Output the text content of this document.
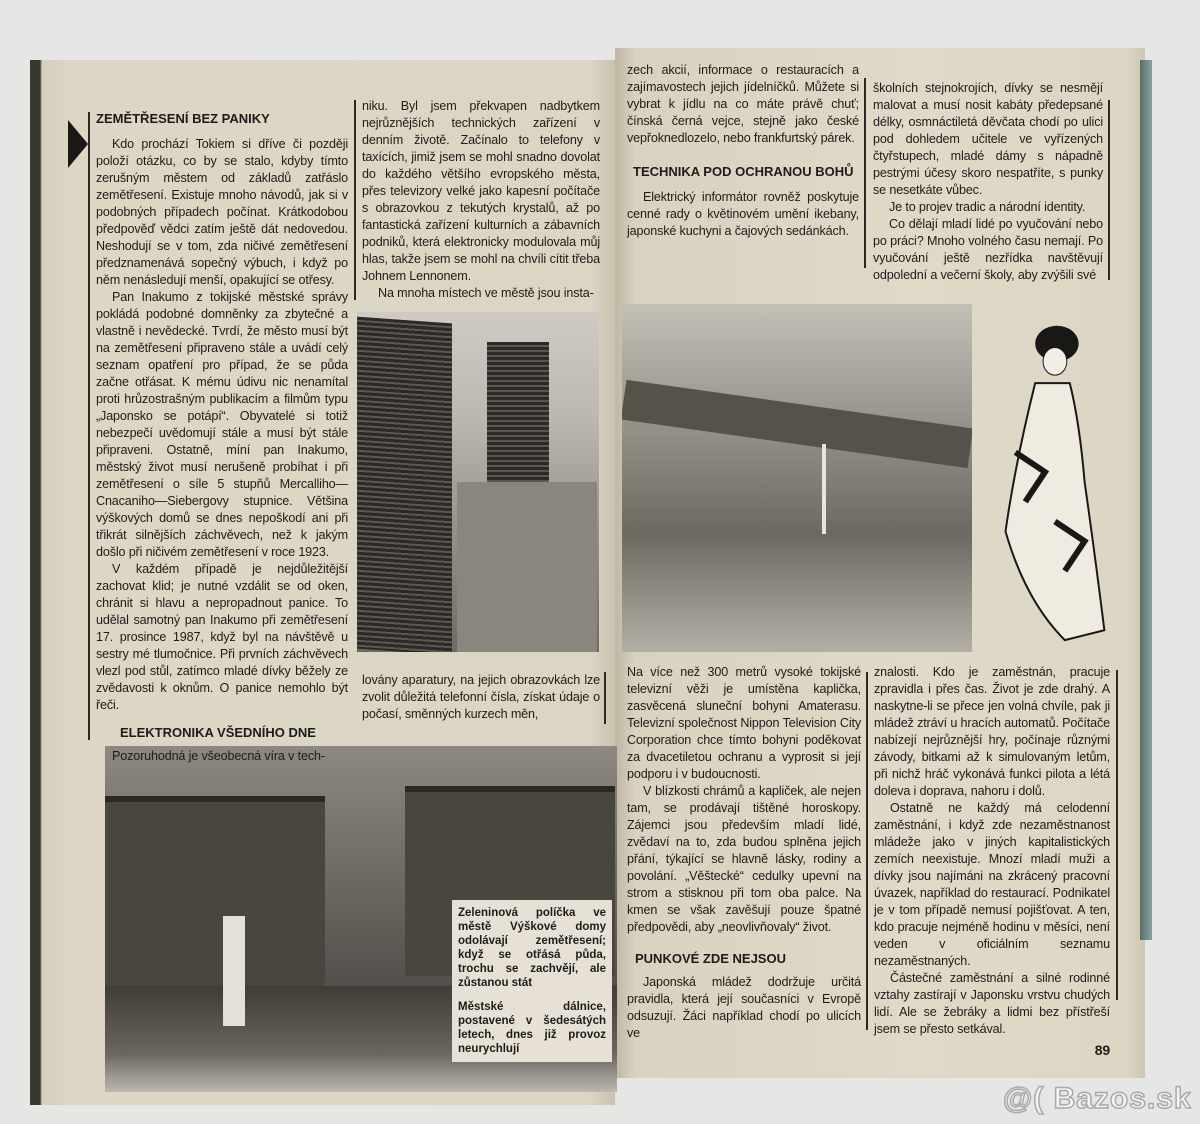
ZEMĚTŘESENÍ BEZ PANIKY

Kdo prochází Tokiem si dříve či později položí otázku, co by se stalo, kdyby tímto zerušným městem od základů zatřáslo zemětřesení. Existuje mnoho návodů, jak si v podobných případech počínat. Krátkodobou předpověď vědci zatím ještě dát nedovedou. Neshodují se v tom, zda ničivé zemětřesení předznamenává sopečný výbuch, i když po něm nenásledují menší, opakující se otřesy.

Pan Inakumo z tokijské městské správy pokládá podobné domněnky za zbytečné a vlastně i nevědecké. Tvrdí, že město musí být na zemětřesení připraveno stále a uvádí celý seznam opatření pro případ, že se půda začne otřásat. K mému údivu nic nenamítal proti hrůzostrašným publikacím a filmům typu „Japonsko se potápí“. Obyvatelé si totiž nebezpečí uvědomují stále a musí být stále připraveni. Ostatně, míní pan Inakumo, městský život musí nerušeně probíhat i při zemětřesení o síle 5 stupňů Mercalliho—Cnacaniho—Siebergovy stupnice. Většina výškových domů se dnes nepoškodí ani při třikrát silnějších záchvěvech, než k jakým došlo při ničivém zemětřesení v roce 1923.

V každém případě je nejdůležitější zachovat klid; je nutné vzdálit se od oken, chránit si hlavu a nepropadnout panice. To udělal samotný pan Inakumo při zemětřesení 17. prosince 1987, když byl na návštěvě u sestry mé tlumočnice. Při prvních záchvěvech vlezl pod stůl, zatímco mladé dívky běžely ze zvědavosti k oknům. O panice nemohlo být řeči.

ELEKTRONIKA VŠEDNÍHO DNE

Pozoruhodná je všeobecná víra v tech-

niku. Byl jsem překvapen nadbytkem nejrůznějších technických zařízení v denním životě. Začínalo to telefony v taxících, jimiž jsem se mohl snadno dovolat do každého většího evropského města, přes televizory velké jako kapesní počítače s obrazovkou z tekutých krystalů, až po fantastická zařízení kulturních a zábavních podniků, která elektronicky modulovala můj hlas, takže jsem se mohl na chvíli cítit třeba Johnem Lennonem.

Na mnoha místech ve městě jsou insta-

lovány aparatury, na jejich obrazovkách lze zvolit důležitá telefonní čísla, získat údaje o počasí, směnných kurzech měn,

Zeleninová políčka ve městě Výškové domy odolávají zemětřesení; když se otřásá půda, trochu se zachvějí, ale zůstanou stát

Městské dálnice, postavené v šedesátých letech, dnes již provoz neurychlují

zech akcií, informace o restauracích a zajímavostech jejich jídelníčků. Můžete si vybrat k jídlu na co máte právě chuť; čínská černá vejce, stejně jako české vepřoknedlozelo, nebo frankfurtský párek.

TECHNIKA POD OCHRANOU BOHŮ

Elektrický informátor rovněž poskytuje cenné rady o květinovém umění ikebany, japonské kuchyni a čajových sedánkách.

školních stejnokrojích, dívky se nesmějí malovat a musí nosit kabáty předepsané délky, osmnáctiletá děvčata chodí po ulici pod dohledem učitele ve vyřízených čtyřstupech, mladé dámy s nápadně pestrými účesy skoro nespatříte, s punky se nesetkáte vůbec.

Je to projev tradic a národní identity.

Co dělají mladí lidé po vyučování nebo po práci? Mnoho volného času nemají. Po vyučování ještě nezřídka navštěvují odpolední a večerní školy, aby zvýšili své

Na více než 300 metrů vysoké tokijské televizní věži je umístěna kaplička, zasvěcená sluneční bohyni Amaterasu. Televizní společnost Nippon Television City Corporation chce tímto bohyni poděkovat za dvacetiletou ochranu a vyprosit si její podporu i v budoucnosti.

V blízkosti chrámů a kapliček, ale nejen tam, se prodávají tištěné horoskopy. Zájemci jsou především mladí lidé, zvědaví na to, zda budou splněna jejich přání, týkající se hlavně lásky, rodiny a povolání. „Věštecké“ cedulky upevní na strom a stisknou při tom oba palce. Na kmen se však zavěšují pouze špatné předpovědi, aby „neovlivňovaly“ život.

PUNKOVÉ ZDE NEJSOU

Japonská mládež dodržuje určitá pravidla, která její současníci v Evropě odsuzují. Žáci například chodí po ulicích ve

znalosti. Kdo je zaměstnán, pracuje zpravidla i přes čas. Život je zde drahý. A naskytne-li se přece jen volná chvíle, pak ji mládež ztráví u hracích automatů. Počítače nabízejí nejrůznější hry, počínaje různými závody, bitkami až k simulovaným letům, při nichž hráč vykonává funkci pilota a létá doleva i doprava, nahoru i dolů.

Ostatně ne každý má celodenní zaměstnání, i když zde nezaměstnanost mládeže jako v jiných kapitalistických zemích neexistuje. Mnozí mladí muži a dívky jsou najímáni na zkrácený pracovní úvazek, například do restaurací. Podnikatel je v tom případě nemusí pojišťovat. A ten, kdo pracuje nejméně hodinu v měsíci, není veden v oficiálním seznamu nezaměstnaných.

Částečné zaměstnání a silné rodinné vztahy zastírají v Japonsku vrstvu chudých lidí. Ale se žebráky a lidmi bez přístřeší jsem se přesto setkával.

89
@( Bazos.sk
